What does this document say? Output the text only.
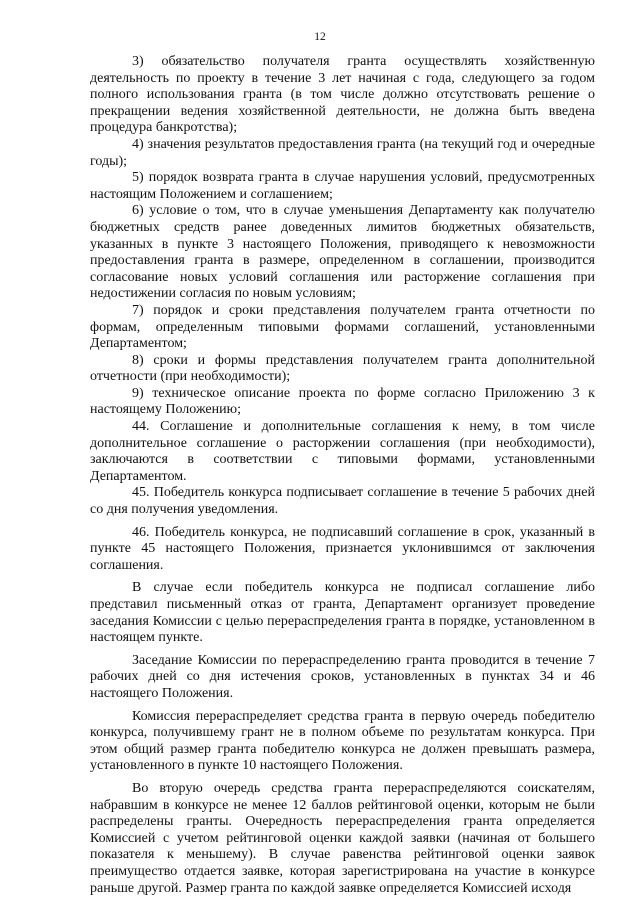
12

3) обязательство получателя гранта осуществлять хозяйственную деятельность по проекту в течение 3 лет начиная с года, следующего за годом полного использования гранта (в том числе должно отсутствовать решение о прекращении ведения хозяйственной деятельности, не должна быть введена процедура банкротства);

4) значения результатов предоставления гранта (на текущий год и очередные годы);

5) порядок возврата гранта в случае нарушения условий, предусмотренных настоящим Положением и соглашением;

6) условие о том, что в случае уменьшения Департаменту как получателю бюджетных средств ранее доведенных лимитов бюджетных обязательств, указанных в пункте 3 настоящего Положения, приводящего к невозможности предоставления гранта в размере, определенном в соглашении, производится согласование новых условий соглашения или расторжение соглашения при недостижении согласия по новым условиям;

7) порядок и сроки представления получателем гранта отчетности по формам, определенным типовыми формами соглашений, установленными Департаментом;

8) сроки и формы представления получателем гранта дополнительной отчетности (при необходимости);

9) техническое описание проекта по форме согласно Приложению 3 к настоящему Положению;

44. Соглашение и дополнительные соглашения к нему, в том числе дополнительное соглашение о расторжении соглашения (при необходимости), заключаются в соответствии с типовыми формами, установленными Департаментом.

45. Победитель конкурса подписывает соглашение в течение 5 рабочих дней со дня получения уведомления.

46. Победитель конкурса, не подписавший соглашение в срок, указанный в пункте 45 настоящего Положения, признается уклонившимся от заключения соглашения.

В случае если победитель конкурса не подписал соглашение либо представил письменный отказ от гранта, Департамент организует проведение заседания Комиссии с целью перераспределения гранта в порядке, установленном в настоящем пункте.

Заседание Комиссии по перераспределению гранта проводится в течение 7 рабочих дней со дня истечения сроков, установленных в пунктах 34 и 46 настоящего Положения.

Комиссия перераспределяет средства гранта в первую очередь победителю конкурса, получившему грант не в полном объеме по результатам конкурса. При этом общий размер гранта победителю конкурса не должен превышать размера, установленного в пункте 10 настоящего Положения.

Во вторую очередь средства гранта перераспределяются соискателям, набравшим в конкурсе не менее 12 баллов рейтинговой оценки, которым не были распределены гранты. Очередность перераспределения гранта определяется Комиссией с учетом рейтинговой оценки каждой заявки (начиная от большего показателя к меньшему). В случае равенства рейтинговой оценки заявок преимущество отдается заявке, которая зарегистрирована на участие в конкурсе раньше другой. Размер гранта по каждой заявке определяется Комиссией исходя
